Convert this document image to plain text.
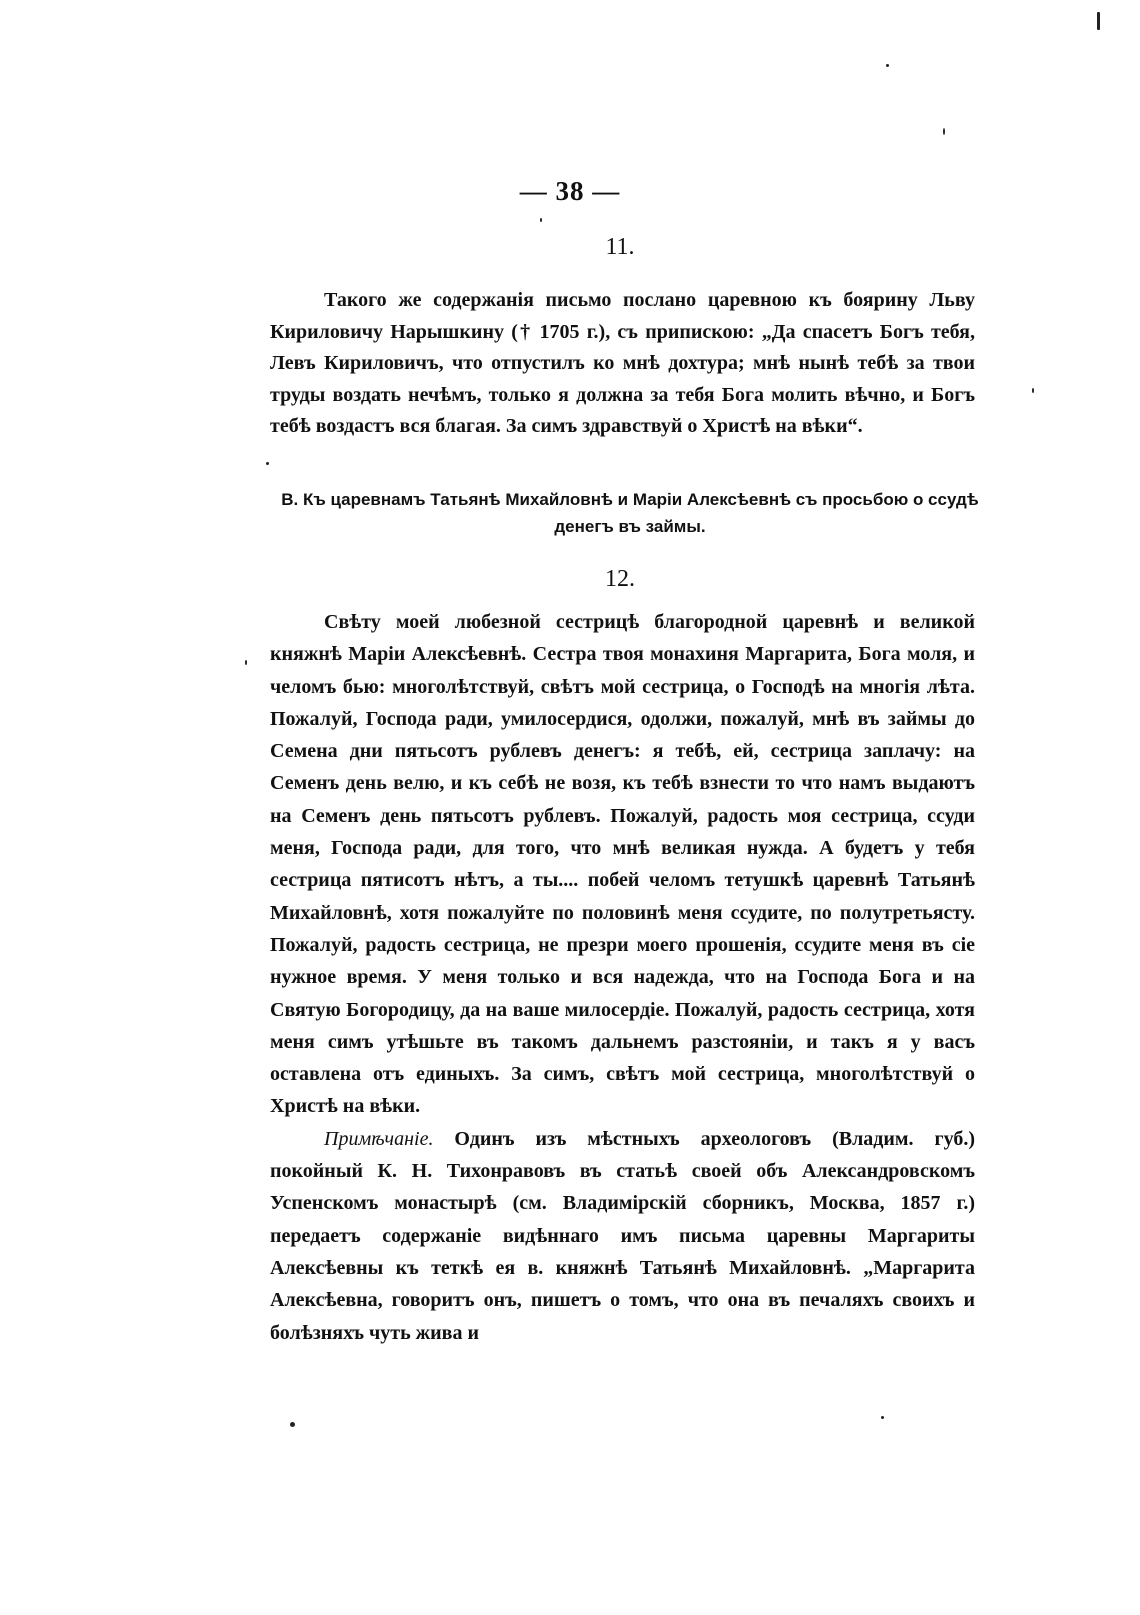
— 38 —
11.

Такого же содержанія письмо послано царевною къ боярину Льву Кириловичу Нарышкину († 1705 г.), съ припискою: „Да спасетъ Богъ тебя, Левъ Кириловичъ, что отпустилъ ко мнѣ дохтура; мнѣ нынѣ тебѣ за твои труды воздать нечѣмъ, только я должна за тебя Бога молить вѣчно, и Богъ тебѣ воздастъ вся благая. За симъ здравствуй о Христѣ на вѣки“.

В. Къ царевнамъ Татьянѣ Михайловнѣ и Маріи Алексѣевнѣ съ просьбою о ссудѣ денегъ въ займы.
12.

Свѣту моей любезной сестрицѣ благородной царевнѣ и великой княжнѣ Маріи Алексѣевнѣ. Сестра твоя монахиня Маргарита, Бога моля, и челомъ бью: многолѣтствуй, свѣтъ мой сестрица, о Господѣ на многія лѣта. Пожалуй, Господа ради, умилосердися, одолжи, пожалуй, мнѣ въ займы до Семена дни пятьсотъ рублевъ денегъ: я тебѣ, ей, сестрица заплачу: на Семенъ день велю, и къ себѣ не возя, къ тебѣ взнести то что намъ выдаютъ на Семенъ день пятьсотъ рублевъ. Пожалуй, радость моя сестрица, ссуди меня, Господа ради, для того, что мнѣ великая нужда. А будетъ у тебя сестрица пятисотъ нѣтъ, а ты.... побей челомъ тетушкѣ царевнѣ Татьянѣ Михайловнѣ, хотя пожалуйте по половинѣ меня ссудите, по полутретьясту. Пожалуй, радость сестрица, не презри моего прошенія, ссудите меня въ сіе нужное время. У меня только и вся надежда, что на Господа Бога и на Святую Богородицу, да на ваше милосердіе. Пожалуй, радость сестрица, хотя меня симъ утѣшьте въ такомъ дальнемъ разстояніи, и такъ я у васъ оставлена отъ единыхъ. За симъ, свѣтъ мой сестрица, многолѣтствуй о Христѣ на вѣки.

Примѣчаніе. Одинъ изъ мѣстныхъ археологовъ (Владим. губ.) покойный К. Н. Тихонравовъ въ статьѣ своей объ Александровскомъ Успенскомъ монастырѣ (см. Владимірскій сборникъ, Москва, 1857 г.) передаетъ содержаніе видѣннаго имъ письма царевны Маргариты Алексѣевны къ теткѣ ея в. княжнѣ Татьянѣ Михайловнѣ. „Маргарита Алексѣевна, говоритъ онъ, пишетъ о томъ, что она въ печаляхъ своихъ и болѣзняхъ чуть жива и
